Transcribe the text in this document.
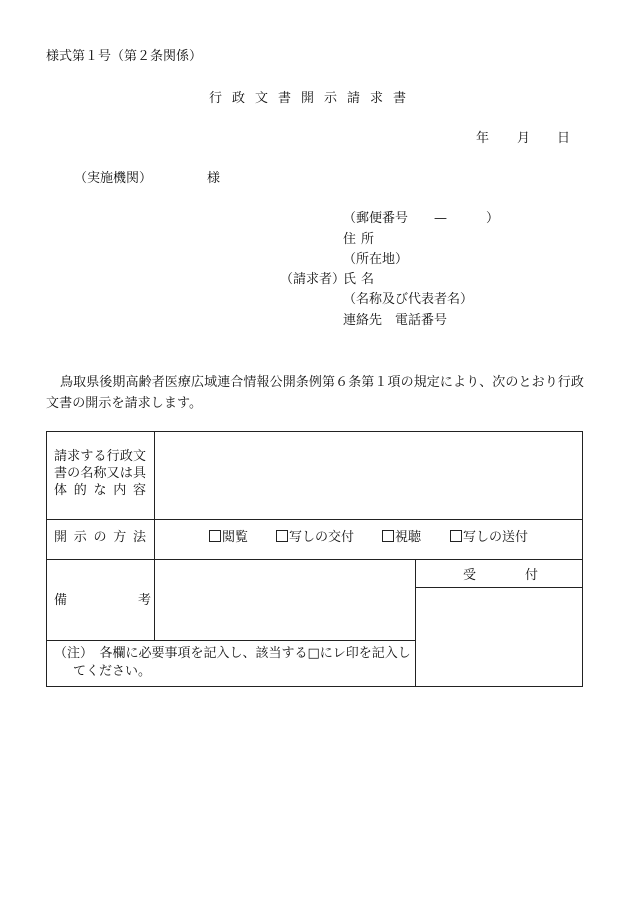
様式第１号（第２条関係）
行政文書開示請求書
年 月 日
（実施機関）	様
（郵便番号　　—　　　）
住所
（所在地）
（請求者）
氏名
（名称及び代表者名）
連絡先　電話番号
鳥取県後期高齢者医療広域連合情報公開条例第６条第１項の規定により、次のとおり行政文書の開示を請求します。
請求する行政文
書の名称又は具
体的な内容
開示の方法	閲覧	写しの交付	視聴	写しの送付
備	考
受	付
（注）　各欄に必要事項を記入し、該当する□にレ印を記入し
てください。
